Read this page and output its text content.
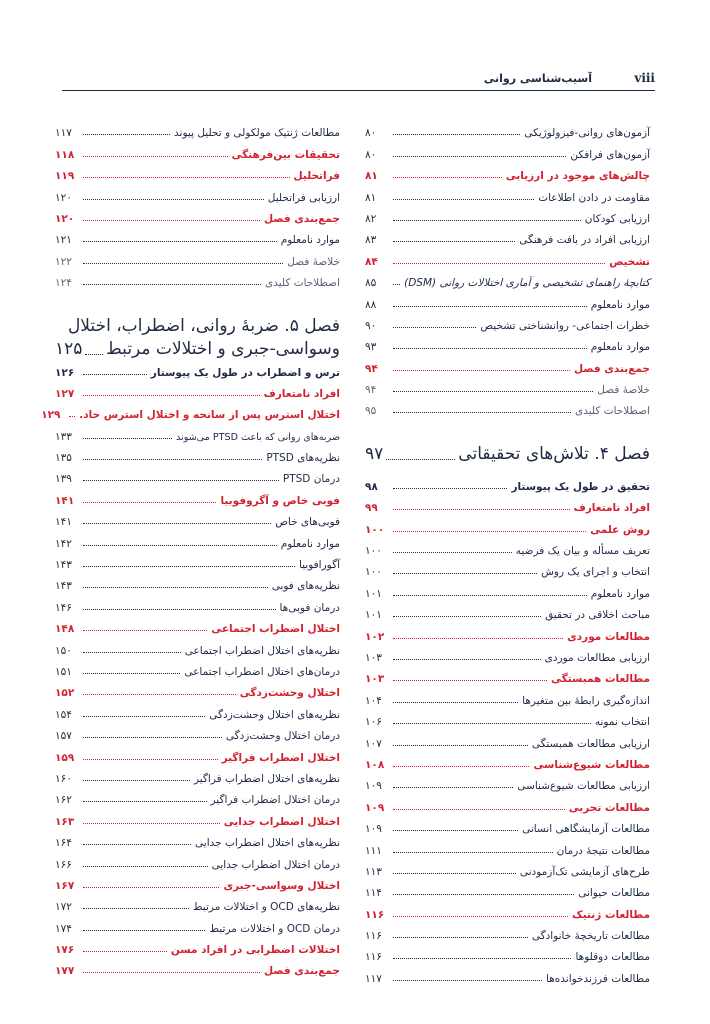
آسیب‌شناسی روانی	viii
آزمون‌های روانی-فیزولوژیکی
۸۰
آزمون‌های فرافکن
۸۰
چالش‌های موجود در ارزیابی
۸۱
مقاومت در دادن اطلاعات
۸۱
ارزیابی کودکان
۸۲
ارزیابی افراد در بافت فرهنگی
۸۳
تشخیص
۸۴
کتابچهٔ راهنمای تشخیصی و آماری اختلالات روانی (DSM)
۸۵
موارد نامعلوم
۸۸
خطرات اجتماعی- روانشناختی تشخیص
۹۰
موارد نامعلوم
۹۳
جمع‌بندی فصل
۹۴
خلاصهٔ فصل
۹۴
اصطلاحات کلیدی
۹۵
فصل ۴. تلاش‌های تحقیقاتی
۹۷
تحقیق در طول یک پیوستار
۹۸
افراد نامتعارف
۹۹
روش علمی
۱۰۰
تعریف مسأله و بیان یک فرضیه
۱۰۰
انتخاب و اجرای یک روش
۱۰۰
موارد نامعلوم
۱۰۱
مباحث اخلاقی در تحقیق
۱۰۱
مطالعات موردی
۱۰۲
ارزیابی مطالعات موردی
۱۰۳
مطالعات همبستگی
۱۰۳
اندازه‌گیری رابطهٔ بین متغیرها
۱۰۴
انتخاب نمونه
۱۰۶
ارزیابی مطالعات همبستگی
۱۰۷
مطالعات شیوع‌شناسی
۱۰۸
ارزیابی مطالعات شیوع‌شناسی
۱۰۹
مطالعات تجربی
۱۰۹
مطالعات آزمایشگاهی انسانی
۱۰۹
مطالعات نتیجهٔ درمان
۱۱۱
طرح‌های آزمایشی تک‌آزمودنی
۱۱۳
مطالعات حیوانی
۱۱۴
مطالعات ژنتیک
۱۱۶
مطالعات تاریخچهٔ خانوادگی
۱۱۶
مطالعات دوقلوها
۱۱۶
مطالعات فرزندخوانده‌ها
۱۱۷
مطالعات ژنتیک مولکولی و تحلیل پیوند
۱۱۷
تحقیقات بین‌فرهنگی
۱۱۸
فراتحلیل
۱۱۹
ارزیابی فراتحلیل
۱۲۰
جمع‌بندی فصل
۱۲۰
موارد نامعلوم
۱۲۱
خلاصهٔ فصل
۱۲۲
اصطلاحات کلیدی
۱۲۴
فصل ۵. ضربهٔ روانی، اضطراب، اختلال
وسواسی-جبری و اختلالات مرتبط
۱۲۵
ترس و اضطراب در طول یک پیوستار
۱۲۶
افراد نامتعارف
۱۲۷
اختلال استرس پس از سانحه و اختلال استرس حاد.
۱۲۹
ضربه‌های روانی که باعث PTSD می‌شوند
۱۳۳
نظریه‌های PTSD
۱۳۵
درمان PTSD
۱۳۹
فوبی خاص و آگروفوبیا
۱۴۱
فوبی‌های خاص
۱۴۱
موارد نامعلوم
۱۴۲
آگورافوبیا
۱۴۳
نظریه‌های فوبی
۱۴۳
درمان فوبی‌ها
۱۴۶
اختلال اضطراب اجتماعی
۱۴۸
نظریه‌های اختلال اضطراب اجتماعی
۱۵۰
درمان‌های اختلال اضطراب اجتماعی
۱۵۱
اختلال وحشت‌زدگی
۱۵۲
نظریه‌های اختلال وحشت‌زدگی
۱۵۴
درمان اختلال وحشت‌زدگی
۱۵۷
اختلال اضطراب فراگیر
۱۵۹
نظریه‌های اختلال اضطراب فراگیر
۱۶۰
درمان اختلال اضطراب فراگیر
۱۶۲
اختلال اضطراب جدایی
۱۶۳
نظریه‌های اختلال اضطراب جدایی
۱۶۴
درمان اختلال اضطراب جدایی
۱۶۶
اختلال وسواسی-جبری
۱۶۷
نظریه‌های OCD و اختلالات مرتبط
۱۷۲
درمان OCD و اختلالات مرتبط
۱۷۴
اختلالات اضطرابی در افراد مسن
۱۷۶
جمع‌بندی فصل
۱۷۷
